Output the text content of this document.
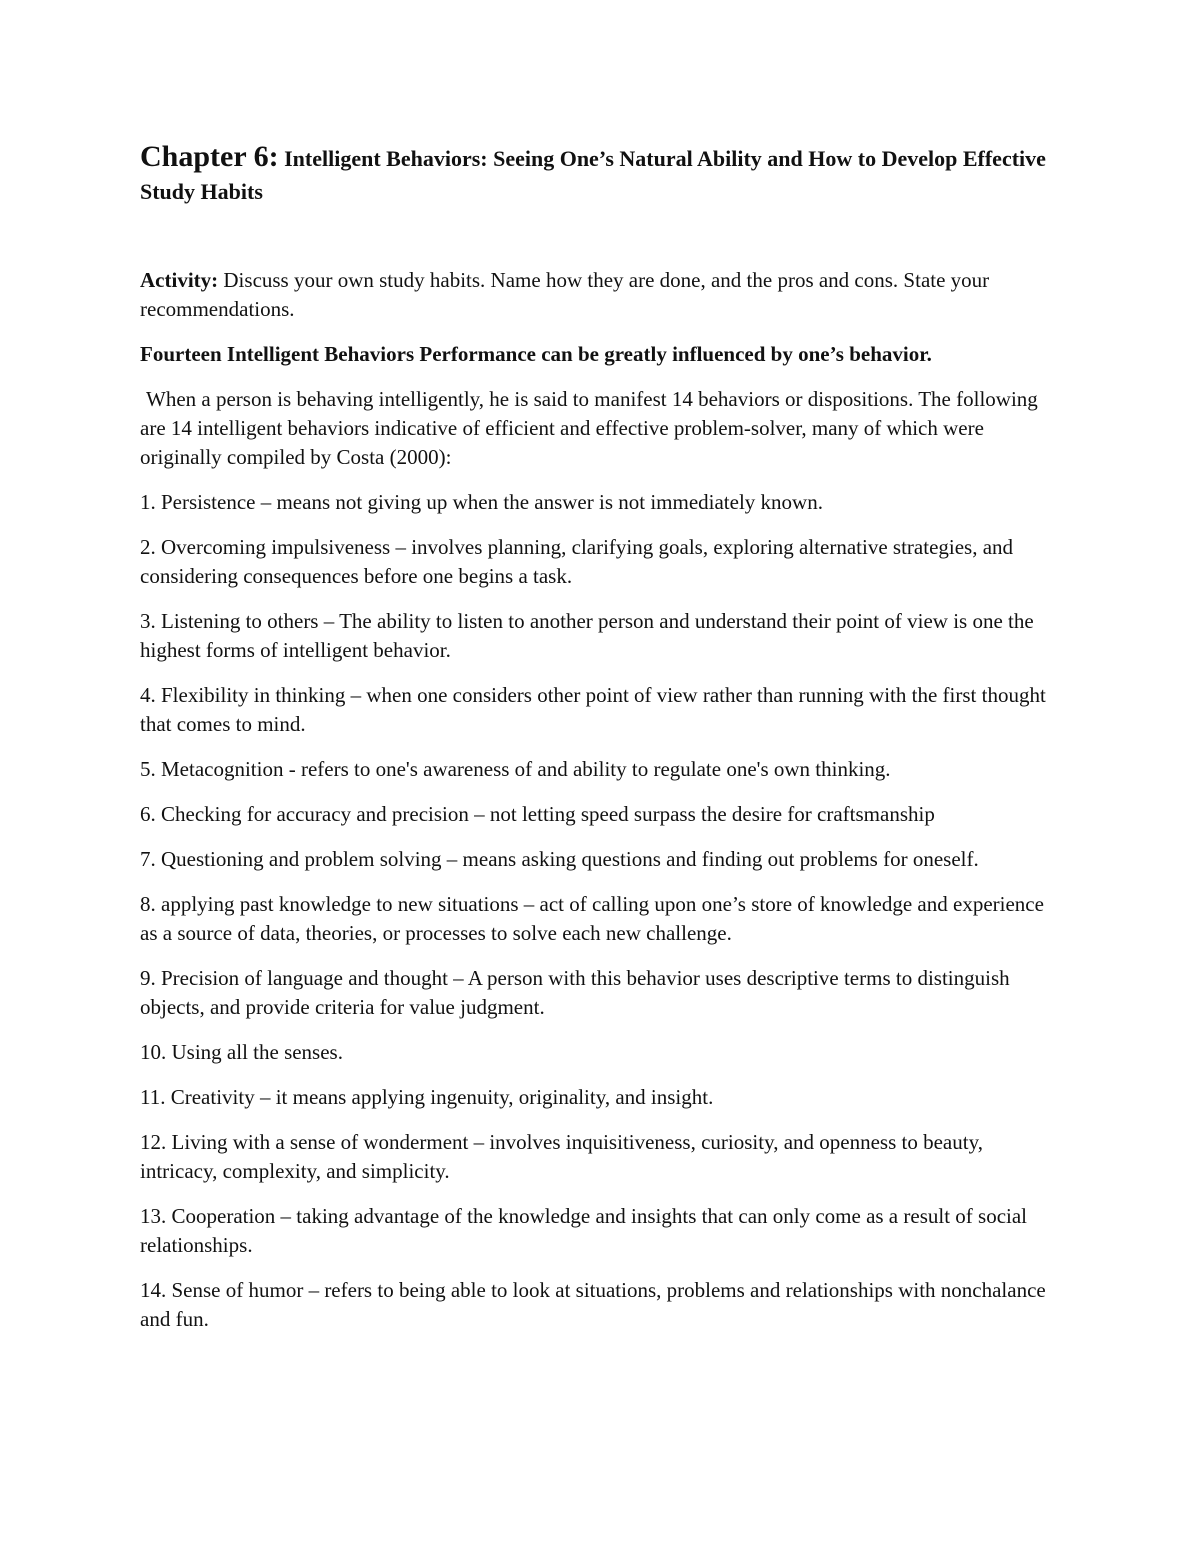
Chapter 6: Intelligent Behaviors: Seeing One’s Natural Ability and How to Develop Effective Study Habits

Activity: Discuss your own study habits. Name how they are done, and the pros and cons. State your recommendations.

Fourteen Intelligent Behaviors Performance can be greatly influenced by one’s behavior.

When a person is behaving intelligently, he is said to manifest 14 behaviors or dispositions. The following are 14 intelligent behaviors indicative of efficient and effective problem-solver, many of which were originally compiled by Costa (2000):

1. Persistence – means not giving up when the answer is not immediately known.
2. Overcoming impulsiveness – involves planning, clarifying goals, exploring alternative strategies, and considering consequences before one begins a task.
3. Listening to others – The ability to listen to another person and understand their point of view is one the highest forms of intelligent behavior.
4. Flexibility in thinking – when one considers other point of view rather than running with the first thought that comes to mind.
5. Metacognition - refers to one's awareness of and ability to regulate one's own thinking.
6. Checking for accuracy and precision – not letting speed surpass the desire for craftsmanship
7. Questioning and problem solving – means asking questions and finding out problems for oneself.
8. applying past knowledge to new situations – act of calling upon one’s store of knowledge and experience as a source of data, theories, or processes to solve each new challenge.
9. Precision of language and thought – A person with this behavior uses descriptive terms to distinguish objects, and provide criteria for value judgment.
10. Using all the senses.
11. Creativity – it means applying ingenuity, originality, and insight.
12. Living with a sense of wonderment – involves inquisitiveness, curiosity, and openness to beauty, intricacy, complexity, and simplicity.
13. Cooperation – taking advantage of the knowledge and insights that can only come as a result of social relationships.
14. Sense of humor – refers to being able to look at situations, problems and relationships with nonchalance and fun.
